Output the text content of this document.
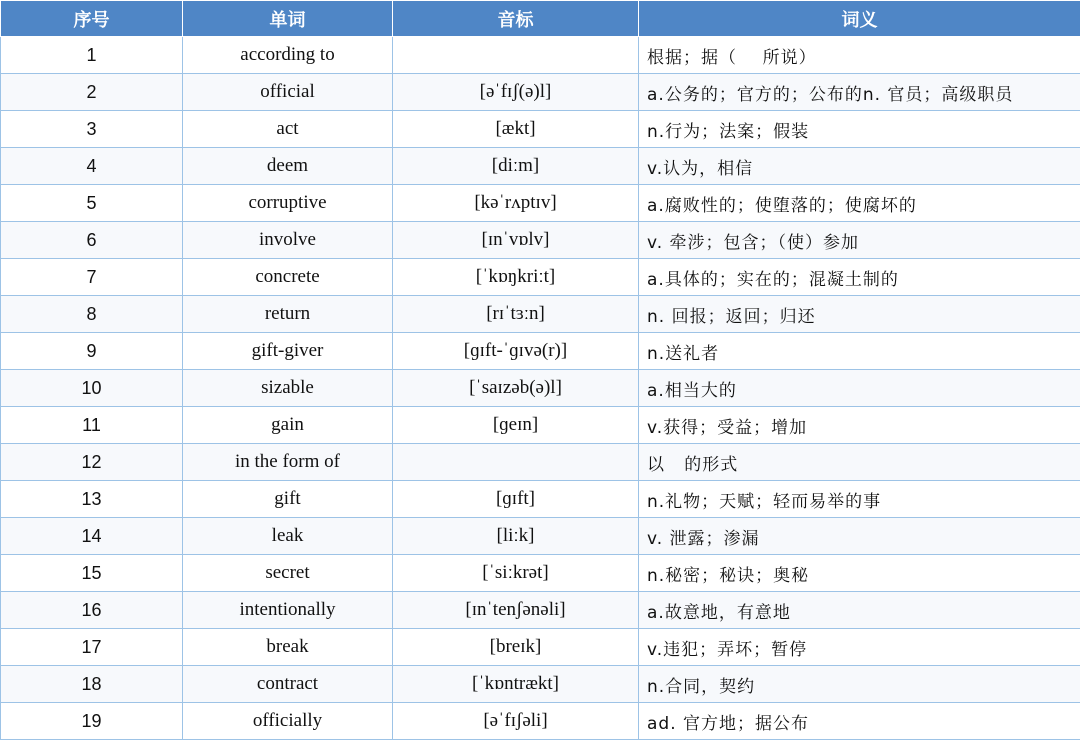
序号	单词	音标	词义
1	according to		根据；据（    所说）
2	official	[əˈfɪʃ(ə)l]	a.公务的；官方的；公布的n. 官员；高级职员
3	act	[ækt]	n.行为；法案；假装
4	deem	[diːm]	v.认为，相信
5	corruptive	[kəˈrʌptɪv]	a.腐败性的；使堕落的；使腐坏的
6	involve	[ɪnˈvɒlv]	v. 牵涉；包含；（使）参加
7	concrete	[ˈkɒŋkriːt]	a.具体的；实在的；混凝土制的
8	return	[rɪˈtɜːn]	n. 回报；返回；归还
9	gift-giver	[ɡɪft-ˈɡɪvə(r)]	n.送礼者
10	sizable	[ˈsaɪzəb(ə)l]	a.相当大的
11	gain	[ɡeɪn]	v.获得；受益；增加
12	in the form of		以   的形式
13	gift	[ɡɪft]	n.礼物；天赋；轻而易举的事
14	leak	[liːk]	v. 泄露；渗漏
15	secret	[ˈsiːkrət]	n.秘密；秘诀；奥秘
16	intentionally	[ɪnˈtenʃənəli]	a.故意地，有意地
17	break	[breɪk]	v.违犯；弄坏；暂停
18	contract	[ˈkɒntrækt]	n.合同，契约
19	officially	[əˈfɪʃəli]	ad. 官方地；据公布
